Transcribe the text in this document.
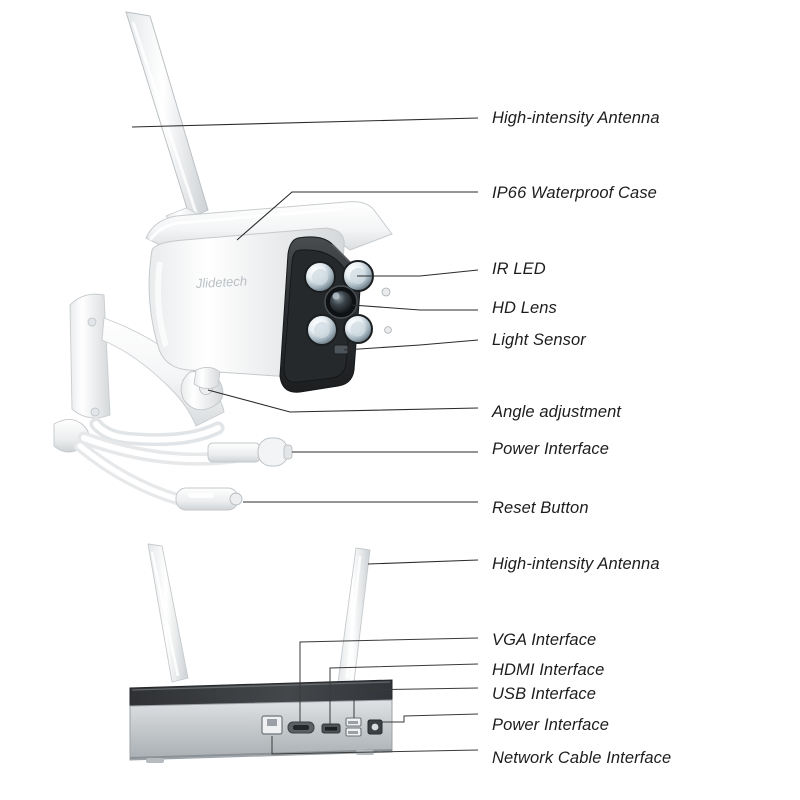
Jlidetech
High-intensity Antenna
IP66 Waterproof Case
IR LED
HD Lens
Light Sensor
Angle adjustment
Power Interface
Reset Button
High-intensity Antenna
VGA Interface
HDMI Interface
USB Interface
Power Interface
Network Cable Interface
